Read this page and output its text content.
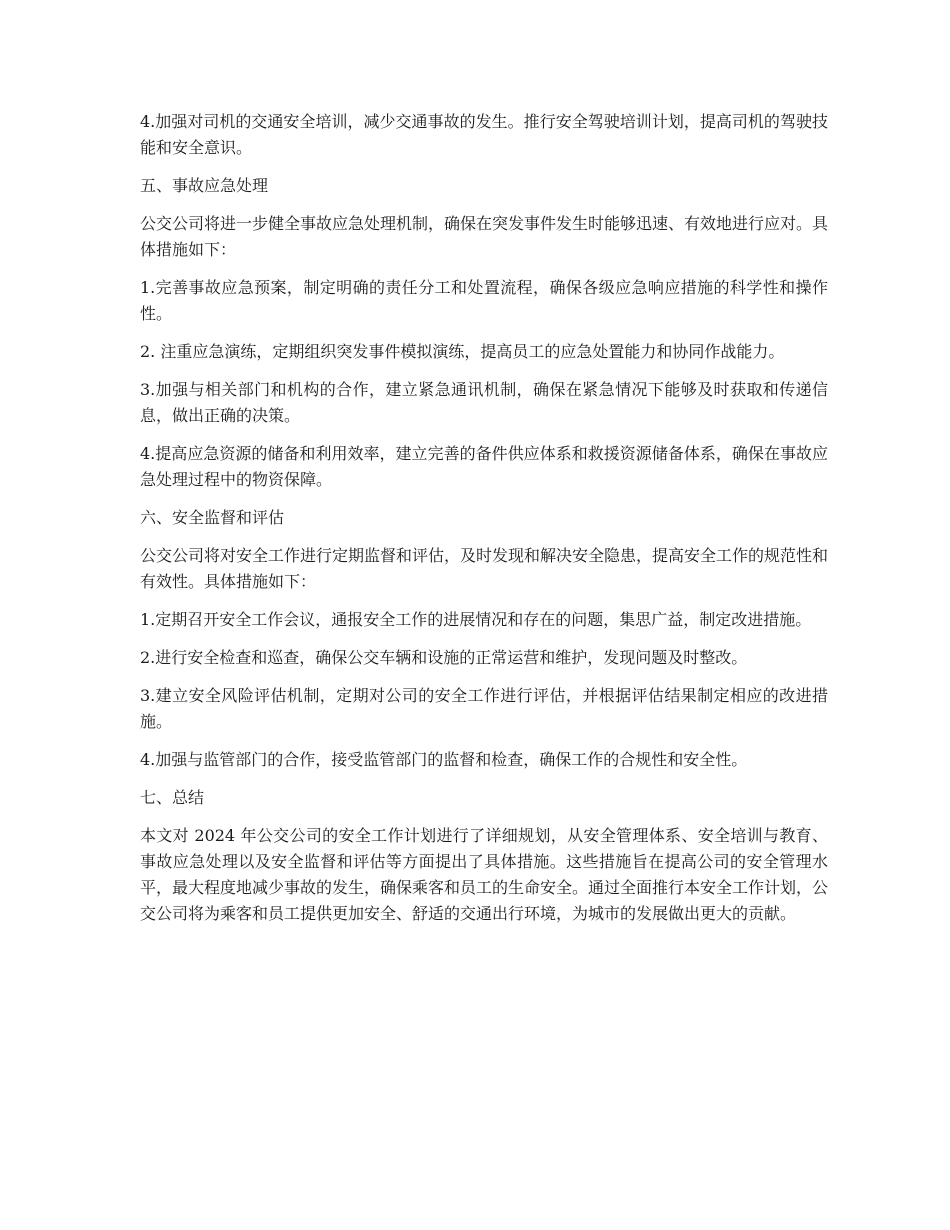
4.加强对司机的交通安全培训，减少交通事故的发生。推行安全驾驶培训计划，提高司机的驾驶技能和安全意识。

五、事故应急处理

公交公司将进一步健全事故应急处理机制，确保在突发事件发生时能够迅速、有效地进行应对。具体措施如下：

1.完善事故应急预案，制定明确的责任分工和处置流程，确保各级应急响应措施的科学性和操作性。

2. 注重应急演练，定期组织突发事件模拟演练，提高员工的应急处置能力和协同作战能力。

3.加强与相关部门和机构的合作，建立紧急通讯机制，确保在紧急情况下能够及时获取和传递信息，做出正确的决策。

4.提高应急资源的储备和利用效率，建立完善的备件供应体系和救援资源储备体系，确保在事故应急处理过程中的物资保障。

六、安全监督和评估

公交公司将对安全工作进行定期监督和评估，及时发现和解决安全隐患，提高安全工作的规范性和有效性。具体措施如下：

1.定期召开安全工作会议，通报安全工作的进展情况和存在的问题，集思广益，制定改进措施。

2.进行安全检查和巡查，确保公交车辆和设施的正常运营和维护，发现问题及时整改。

3.建立安全风险评估机制，定期对公司的安全工作进行评估，并根据评估结果制定相应的改进措施。

4.加强与监管部门的合作，接受监管部门的监督和检查，确保工作的合规性和安全性。

七、总结

本文对 2024 年公交公司的安全工作计划进行了详细规划，从安全管理体系、安全培训与教育、事故应急处理以及安全监督和评估等方面提出了具体措施。这些措施旨在提高公司的安全管理水平，最大程度地减少事故的发生，确保乘客和员工的生命安全。通过全面推行本安全工作计划，公交公司将为乘客和员工提供更加安全、舒适的交通出行环境，为城市的发展做出更大的贡献。
